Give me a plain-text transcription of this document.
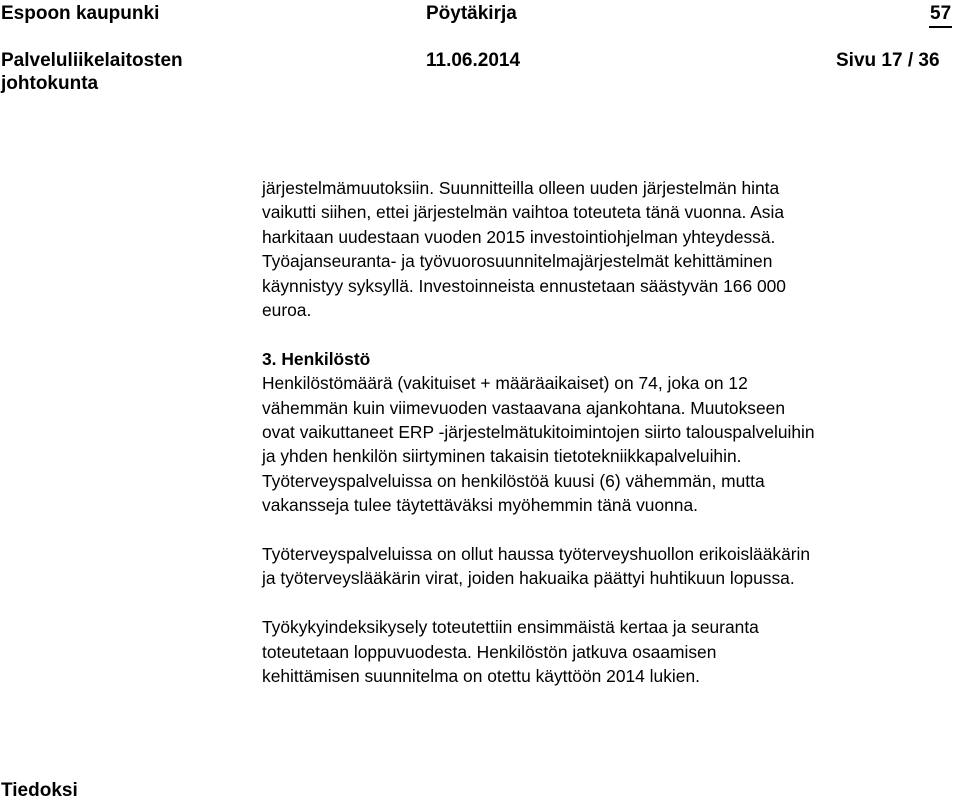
Espoon kaupunki	Pöytäkirja	57
Palveluliikelaitosten
johtokunta
11.06.2014	Sivu 17 / 36

järjestelmämuutoksiin. Suunnitteilla olleen uuden järjestelmän hinta

vaikutti siihen, ettei järjestelmän vaihtoa toteuteta tänä vuonna. Asia

harkitaan uudestaan vuoden 2015 investointiohjelman yhteydessä.

Työajanseuranta- ja työvuorosuunnitelmajärjestelmät kehittäminen

käynnistyy syksyllä. Investoinneista ennustetaan säästyvän 166 000

euroa.

3. Henkilöstö

Henkilöstömäärä (vakituiset + määräaikaiset) on 74, joka on 12

vähemmän kuin viimevuoden vastaavana ajankohtana. Muutokseen

ovat vaikuttaneet ERP -järjestelmätukitoimintojen siirto talouspalveluihin

ja yhden henkilön siirtyminen takaisin tietotekniikkapalveluihin.

Työterveyspalveluissa on henkilöstöä kuusi (6) vähemmän, mutta

vakansseja tulee täytettäväksi myöhemmin tänä vuonna.

Työterveyspalveluissa on ollut haussa työterveyshuollon erikoislääkärin

ja työterveyslääkärin virat, joiden hakuaika päättyi huhtikuun lopussa.

Työkykyindeksikysely toteutettiin ensimmäistä kertaa ja seuranta

toteutetaan loppuvuodesta. Henkilöstön jatkuva osaamisen

kehittämisen suunnitelma on otettu käyttöön 2014 lukien.

Tiedoksi
